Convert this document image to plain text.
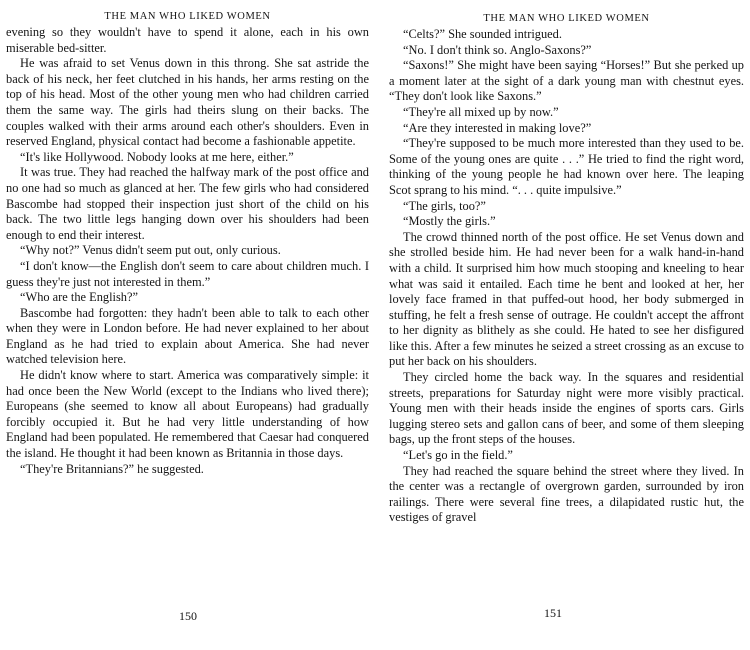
THE MAN WHO LIKED WOMEN

evening so they wouldn't have to spend it alone, each in his own miserable bed-sitter.

He was afraid to set Venus down in this throng. She sat astride the back of his neck, her feet clutched in his hands, her arms resting on the top of his head. Most of the other young men who had children carried them the same way. The girls had theirs slung on their backs. The couples walked with their arms around each other's shoulders. Even in reserved England, physical contact had become a fashionable appetite.

“It's like Hollywood. Nobody looks at me here, either.”

It was true. They had reached the halfway mark of the post office and no one had so much as glanced at her. The few girls who had considered Bascombe had stopped their inspection just short of the child on his back. The two little legs hanging down over his shoulders had been enough to end their interest.

“Why not?” Venus didn't seem put out, only curious.

“I don't know—the English don't seem to care about children much. I guess they're just not interested in them.”

“Who are the English?”

Bascombe had forgotten: they hadn't been able to talk to each other when they were in London before. He had never explained to her about England as he had tried to explain about America. She had never watched television here.

He didn't know where to start. America was comparatively simple: it had once been the New World (except to the Indians who lived there); Europeans (she seemed to know all about Europeans) had gradually forcibly occupied it. But he had very little understanding of how England had been populated. He remembered that Caesar had conquered the island. He thought it had been known as Britannia in those days.

“They're Britannians?” he suggested.

150
THE MAN WHO LIKED WOMEN

“Celts?” She sounded intrigued.

“No. I don't think so. Anglo-Saxons?”

“Saxons!” She might have been saying “Horses!” But she perked up a moment later at the sight of a dark young man with chestnut eyes. “They don't look like Saxons.”

“They're all mixed up by now.”

“Are they interested in making love?”

“They're supposed to be much more interested than they used to be. Some of the young ones are quite . . .” He tried to find the right word, thinking of the young people he had known over here. The leaping Scot sprang to his mind. “. . . quite impulsive.”

“The girls, too?”

“Mostly the girls.”

The crowd thinned north of the post office. He set Venus down and she strolled beside him. He had never been for a walk hand-in-hand with a child. It surprised him how much stooping and kneeling to hear what was said it entailed. Each time he bent and looked at her, her lovely face framed in that puffed-out hood, her body submerged in stuffing, he felt a fresh sense of outrage. He couldn't accept the affront to her dignity as blithely as she could. He hated to see her disfigured like this. After a few minutes he seized a street crossing as an excuse to put her back on his shoulders.

They circled home the back way. In the squares and residential streets, preparations for Saturday night were more visibly practical. Young men with their heads inside the engines of sports cars. Girls lugging stereo sets and gallon cans of beer, and some of them sleeping bags, up the front steps of the houses.

“Let's go in the field.”

They had reached the square behind the street where they lived. In the center was a rectangle of overgrown garden, surrounded by iron railings. There were several fine trees, a dilapidated rustic hut, the vestiges of gravel

151
